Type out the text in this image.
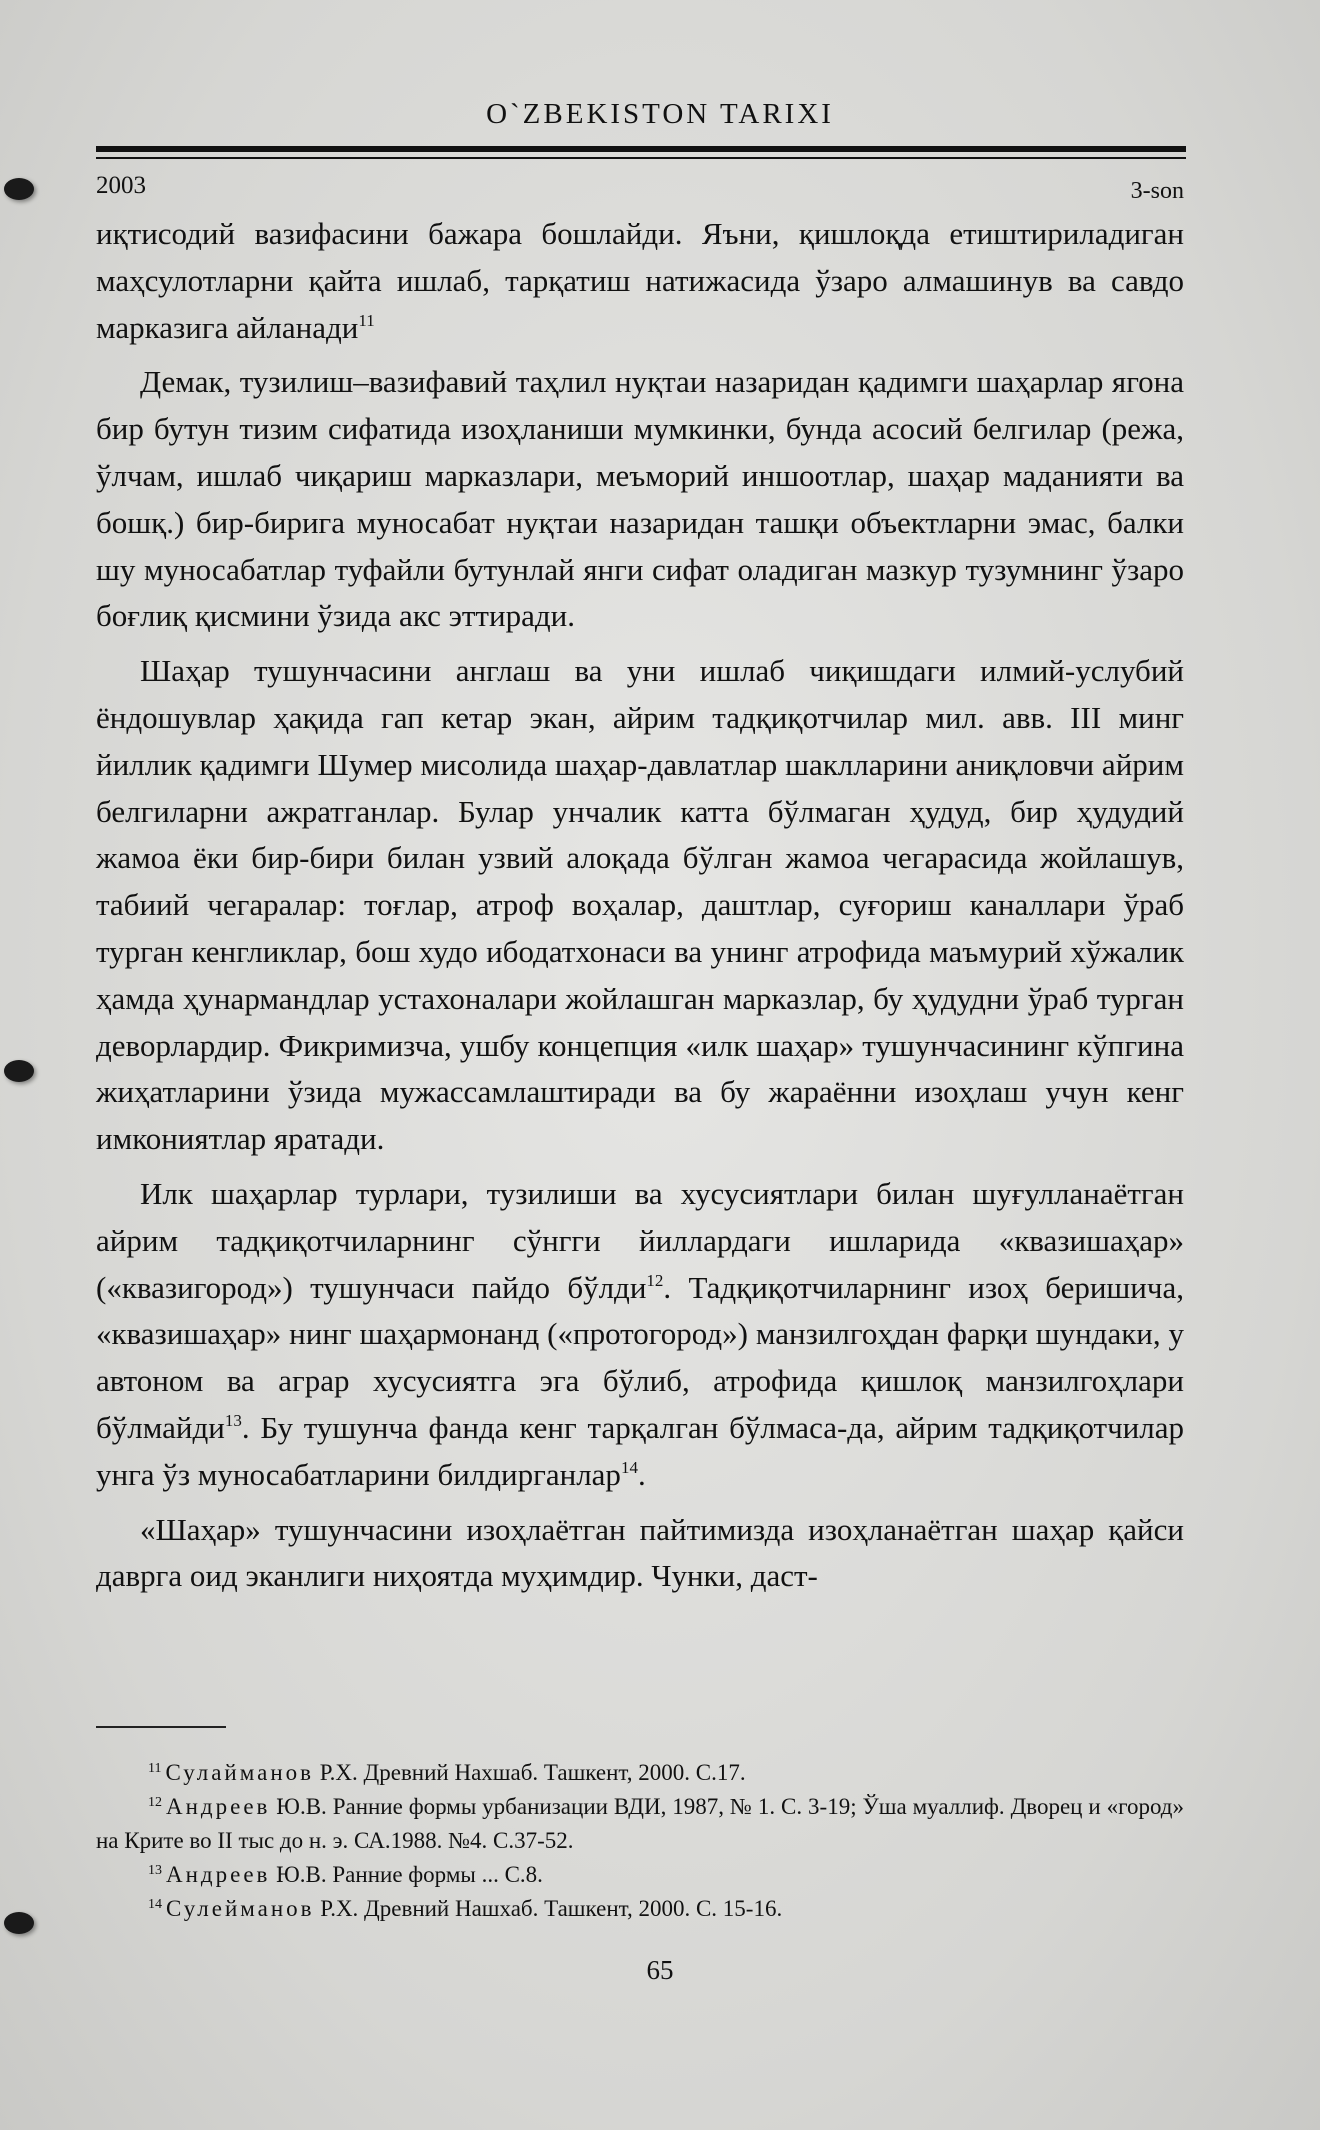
O`ZBEKISTON TARIXI
2003	3-son

иқтисодий вазифасини бажара бошлайди. Яъни, қишлоқда етиштириладиган маҳсулотларни қайта ишлаб, тарқатиш натижасида ўзаро алмашинув ва савдо марказига айланади$^{11}$

Демак, тузилиш–вазифавий таҳлил нуқтаи назаридан қадимги шаҳарлар ягона бир бутун тизим сифатида изоҳланиши мумкинки, бунда асосий белгилар (режа, ўлчам, ишлаб чиқариш марказлари, меъморий иншоотлар, шаҳар маданияти ва бошқ.) бир-бирига муносабат нуқтаи назаридан ташқи объектларни эмас, балки шу муносабатлар туфайли бутунлай янги сифат оладиган мазкур тузумнинг ўзаро боғлиқ қисмини ўзида акс эттиради.

Шаҳар тушунчасини англаш ва уни ишлаб чиқишдаги илмий-услубий ёндошувлар ҳақида гап кетар экан, айрим тадқиқотчилар мил. авв. III минг йиллик қадимги Шумер мисолида шаҳар-давлатлар шаклларини аниқловчи айрим белгиларни ажратганлар. Булар унчалик катта бўлмаган ҳудуд, бир ҳудудий жамоа ёки бир-бири билан узвий алоқада бўлган жамоа чегарасида жойлашув, табиий чегаралар: тоғлар, атроф воҳалар, даштлар, суғориш каналлари ўраб турган кенгликлар, бош худо ибодатхонаси ва унинг атрофида маъмурий хўжалик ҳамда ҳунармандлар устахоналари жойлашган марказлар, бу ҳудудни ўраб турган деворлардир. Фикримизча, ушбу концепция «илк шаҳар» тушунчасининг кўпгина жиҳатларини ўзида мужассамлаштиради ва бу жараённи изоҳлаш учун кенг имкониятлар яратади.

Илк шаҳарлар турлари, тузилиши ва хусусиятлари билан шуғулланаётган айрим тадқиқотчиларнинг сўнгги йиллардаги ишларида «квазишаҳар» («квазигород») тушунчаси пайдо бўлди$^{12}$. Тадқиқотчиларнинг изоҳ беришича, «квазишаҳар» нинг шаҳармонанд («протогород») манзилгоҳдан фарқи шундаки, у автоном ва аграр хусусиятга эга бўлиб, атрофида қишлоқ манзилгоҳлари бўлмайди$^{13}$. Бу тушунча фанда кенг тарқалган бўлмаса-да, айрим тадқиқотчилар унга ўз муносабатларини билдирганлар$^{14}$.

«Шаҳар» тушунчасини изоҳлаётган пайтимизда изоҳланаётган шаҳар қайси даврга оид эканлиги ниҳоятда муҳимдир. Чунки, даст-

$^{11}$ Сулайманов Р.Х. Древний Нахшаб. Ташкент, 2000. С.17.

$^{12}$ Андреев Ю.В. Ранние формы урбанизации ВДИ, 1987, № 1. С. 3-19; Ўша муаллиф. Дворец и «город» на Крите во II тыс до н. э. СА.1988. №4. С.37-52.

$^{13}$ Андреев Ю.В. Ранние формы ... С.8.

$^{14}$ Сулейманов Р.Х. Древний Нашхаб. Ташкент, 2000. С. 15-16.

65
